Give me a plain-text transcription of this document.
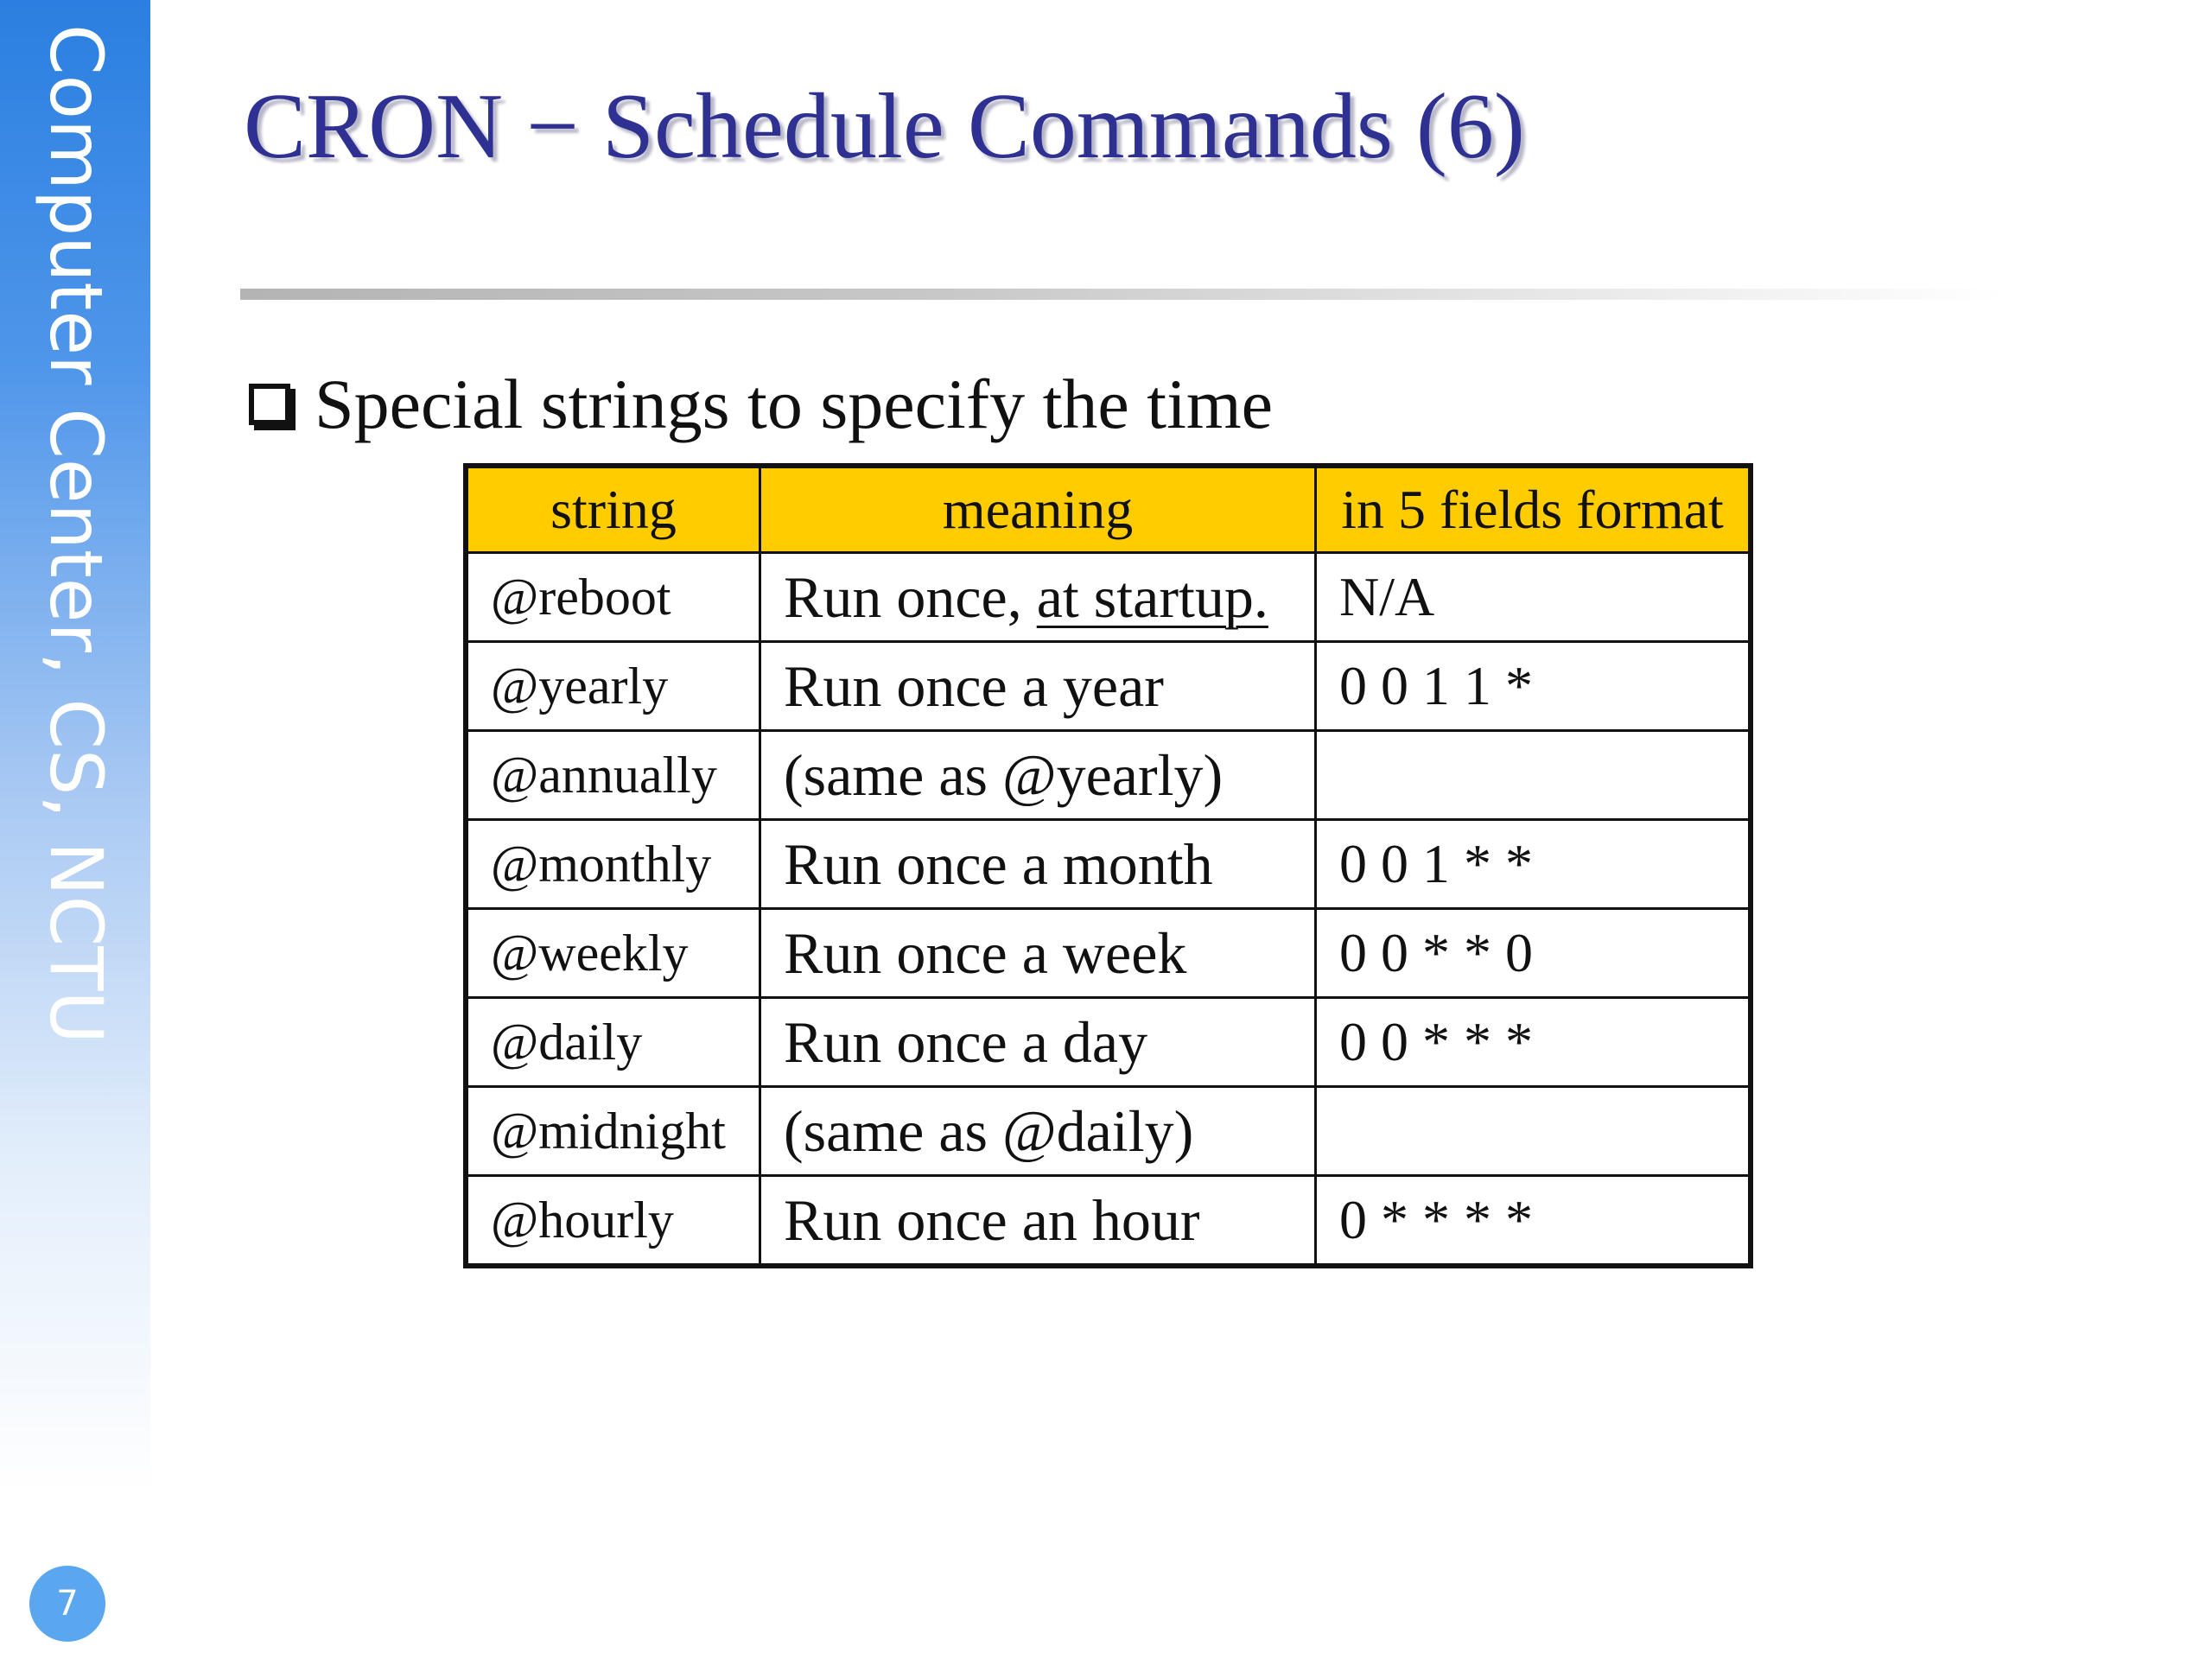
Computer Center, CS, NCTU
7
CRON − Schedule Commands (6)
Special strings to specify the time
string	meaning	in 5 fields format
@reboot	Run once, at startup.	N/A
@yearly	Run once a year	0 0 1 1 *
@annually	(same as @yearly)	
@monthly	Run once a month	0 0 1 * *
@weekly	Run once a week	0 0 * * 0
@daily	Run once a day	0 0 * * *
@midnight	(same as @daily)	
@hourly	Run once an hour	0 * * * *
